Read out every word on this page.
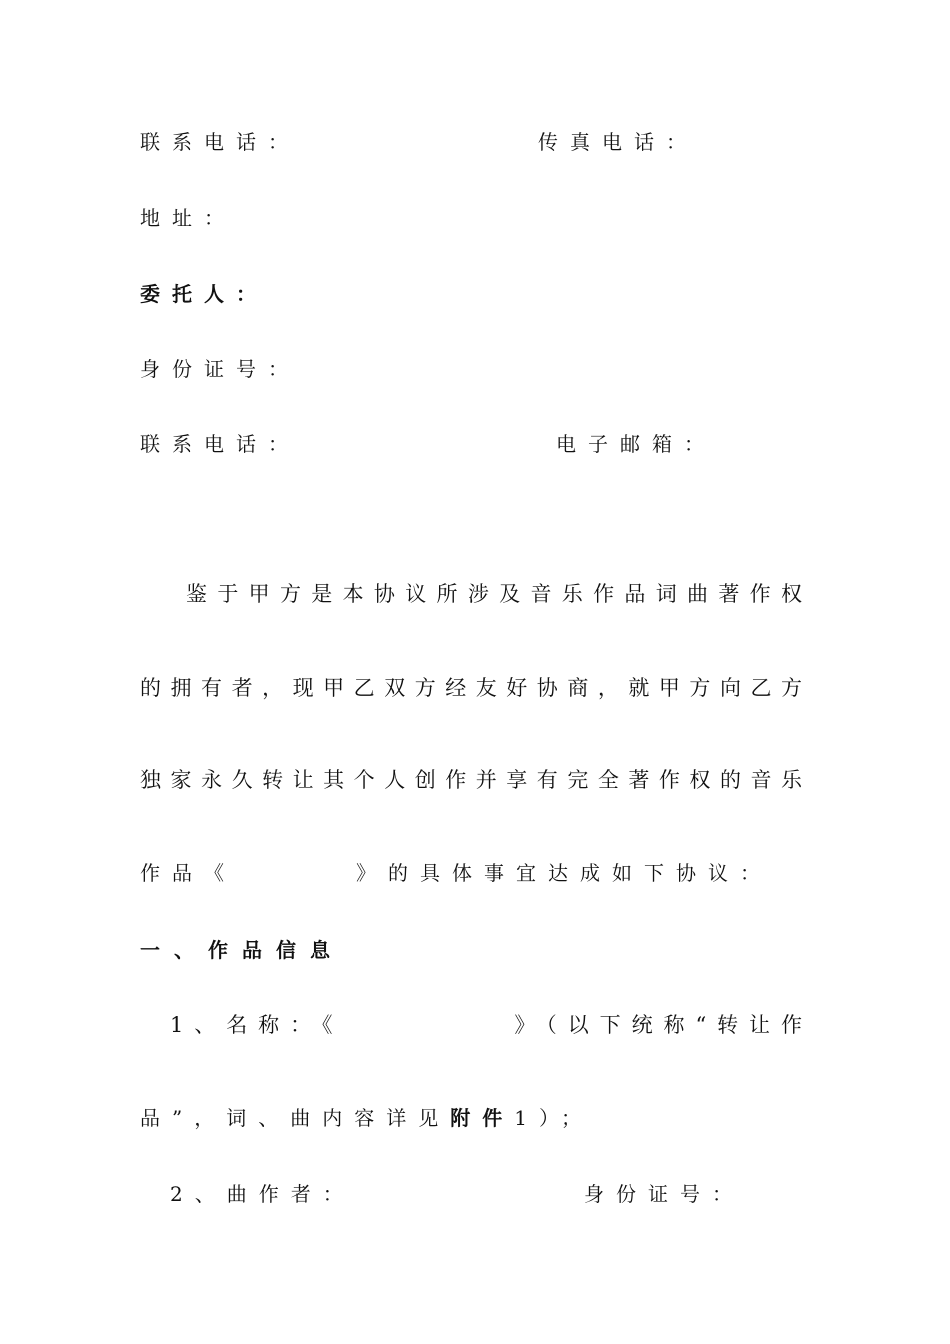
联系电话：	传真电话：
地址：
委托人：
身份证号：
联系电话：	电子邮箱：
鉴于甲方是本协议所涉及音乐作品词曲著作权
的拥有者，现甲乙双方经友好协商，就甲方向乙方
独家永久转让其个人创作并享有完全著作权的音乐
作品《	》的具体事宜达成如下协议：
一、作品信息
1、名称：《	》（以下统称“转让作
品”，词、曲内容详见附件1）；
2、曲作者：	身份证号：
